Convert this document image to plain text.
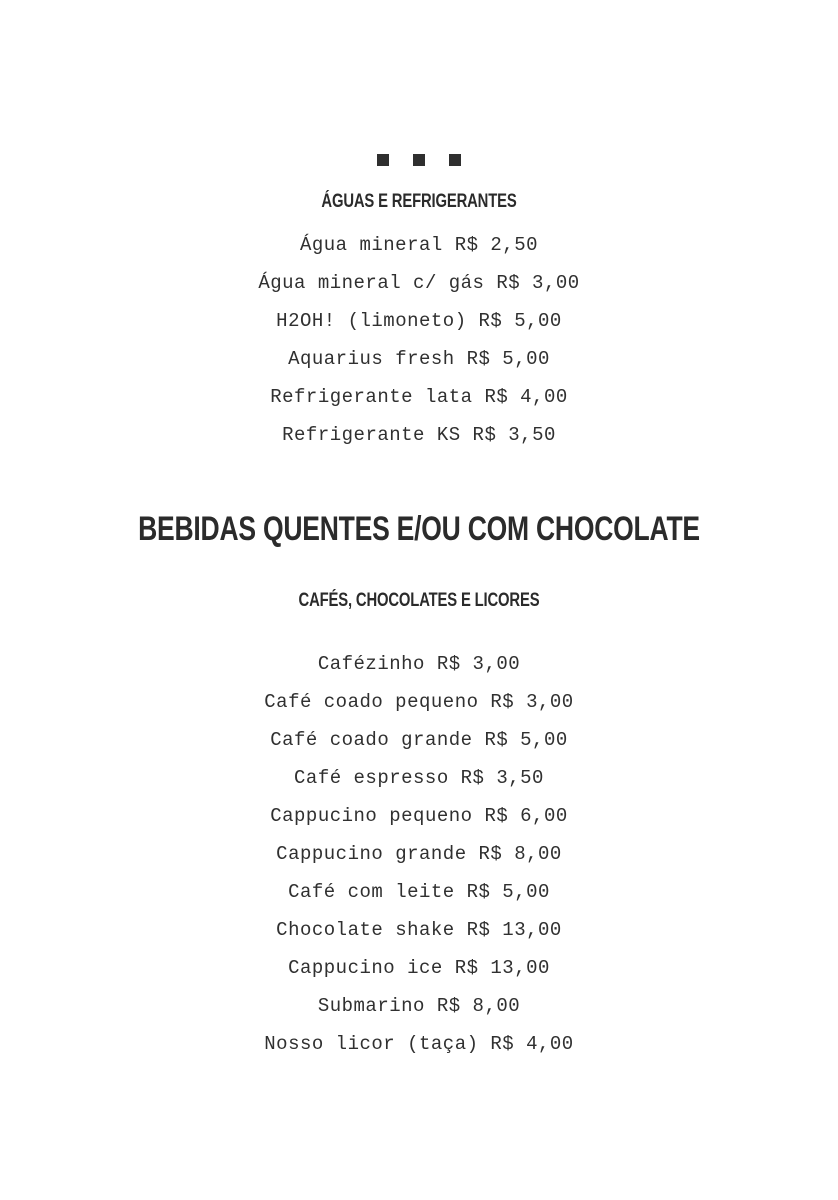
ÁGUAS E REFRIGERANTES
Água mineral R$ 2,50
Água mineral c/ gás R$ 3,00
H2OH! (limoneto) R$ 5,00
Aquarius fresh R$ 5,00
Refrigerante lata R$ 4,00
Refrigerante KS R$ 3,50
BEBIDAS QUENTES E/OU COM CHOCOLATE
CAFÉS, CHOCOLATES E LICORES
Cafézinho R$ 3,00
Café coado pequeno R$ 3,00
Café coado grande R$ 5,00
Café espresso R$ 3,50
Cappucino pequeno R$ 6,00
Cappucino grande R$ 8,00
Café com leite R$ 5,00
Chocolate shake R$ 13,00
Cappucino ice R$ 13,00
Submarino R$ 8,00
Nosso licor (taça) R$ 4,00
